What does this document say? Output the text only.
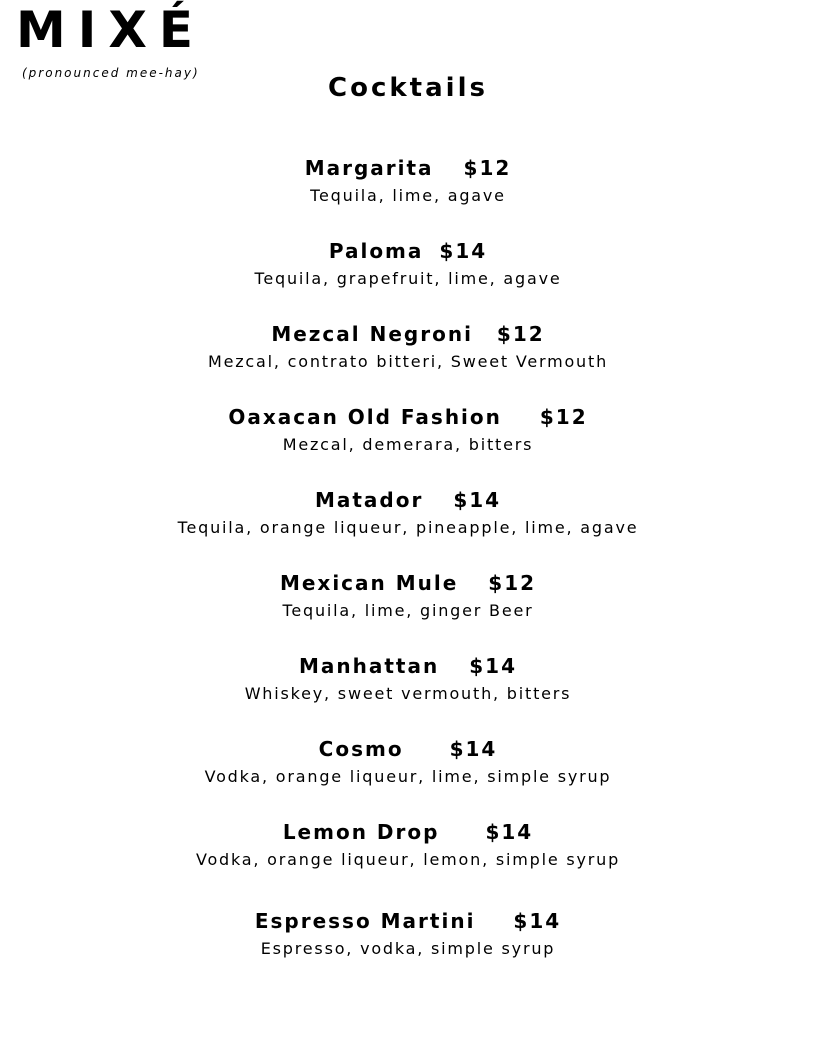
MIXÉ
(pronounced mee-hay)	Cocktails
Margarita $12
Tequila, lime, agave
Paloma $14
Tequila, grapefruit, lime, agave
Mezcal Negroni $12
Mezcal, contrato bitteri, Sweet Vermouth
Oaxacan Old Fashion $12
Mezcal, demerara, bitters
Matador $14
Tequila, orange liqueur, pineapple, lime, agave
Mexican Mule $12
Tequila, lime, ginger Beer
Manhattan $14
Whiskey, sweet vermouth, bitters
Cosmo $14
Vodka, orange liqueur, lime, simple syrup
Lemon Drop $14
Vodka, orange liqueur, lemon, simple syrup
Espresso Martini $14
Espresso, vodka, simple syrup
